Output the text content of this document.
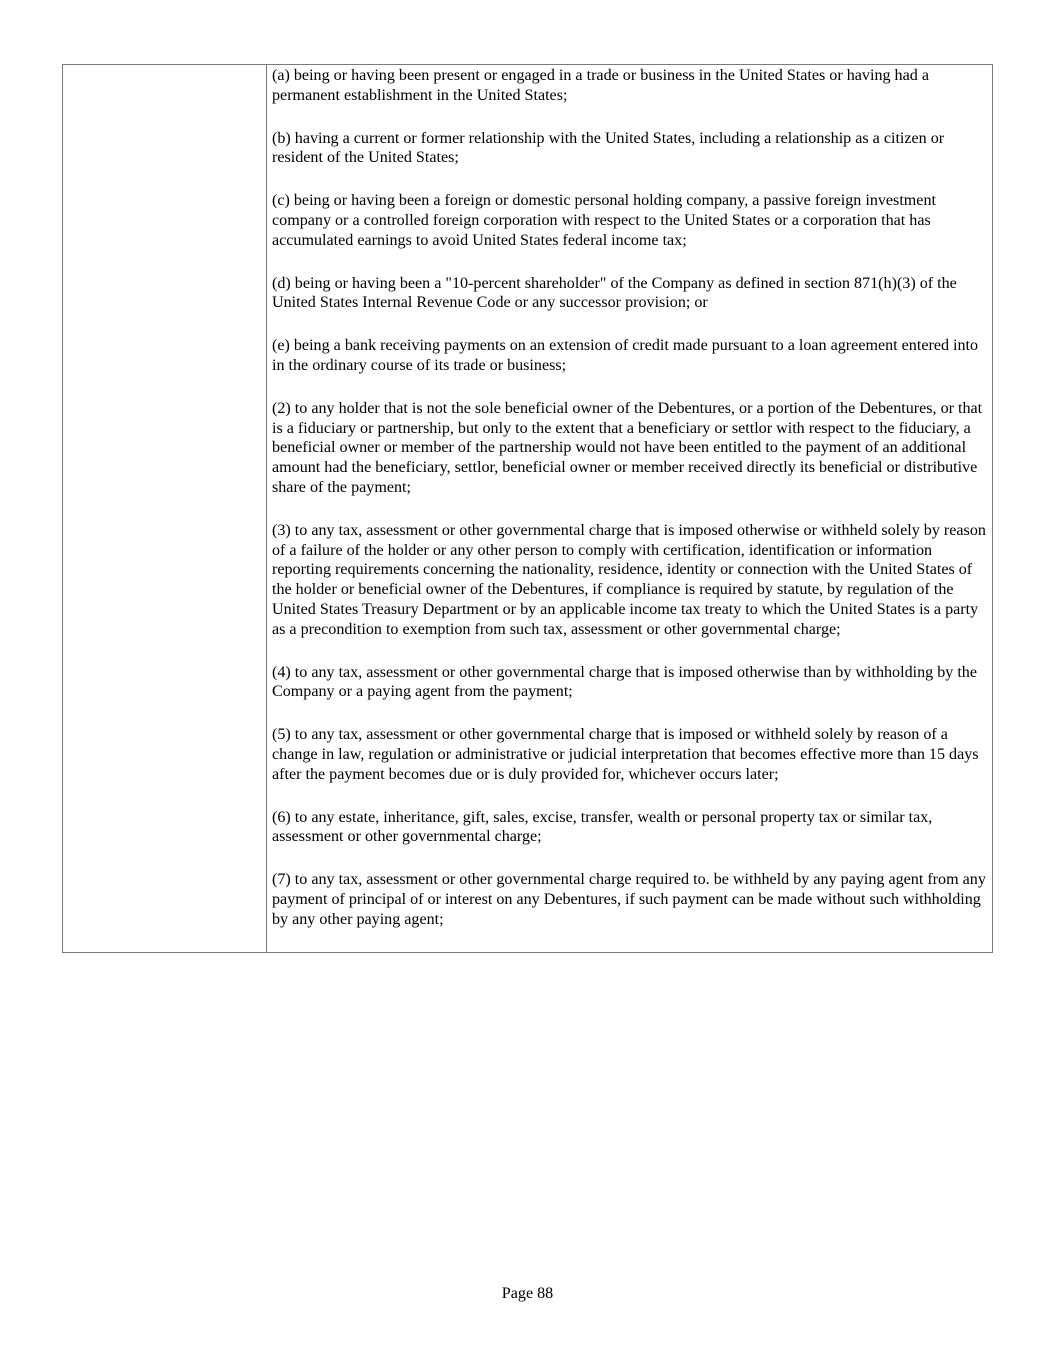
(a) being or having been present or engaged in a trade or business in the United States or having had a permanent establishment in the United States;

(b) having a current or former relationship with the United States, including a relationship as a citizen or resident of the United States;

(c) being or having been a foreign or domestic personal holding company, a passive foreign investment company or a controlled foreign corporation with respect to the United States or a corporation that has accumulated earnings to avoid United States federal income tax;

(d) being or having been a "10-percent shareholder" of the Company as defined in section 871(h)(3) of the United States Internal Revenue Code or any successor provision; or

(e) being a bank receiving payments on an extension of credit made pursuant to a loan agreement entered into in the ordinary course of its trade or business;

(2) to any holder that is not the sole beneficial owner of the Debentures, or a portion of the Debentures, or that is a fiduciary or partnership, but only to the extent that a beneficiary or settlor with respect to the fiduciary, a beneficial owner or member of the partnership would not have been entitled to the payment of an additional amount had the beneficiary, settlor, beneficial owner or member received directly its beneficial or distributive share of the payment;

(3) to any tax, assessment or other governmental charge that is imposed otherwise or withheld solely by reason of a failure of the holder or any other person to comply with certification, identification or information reporting requirements concerning the nationality, residence, identity or connection with the United States of the holder or beneficial owner of the Debentures, if compliance is required by statute, by regulation of the United States Treasury Department or by an applicable income tax treaty to which the United States is a party as a precondition to exemption from such tax, assessment or other governmental charge;

(4) to any tax, assessment or other governmental charge that is imposed otherwise than by withholding by the Company or a paying agent from the payment;

(5) to any tax, assessment or other governmental charge that is imposed or withheld solely by reason of a change in law, regulation or administrative or judicial interpretation that becomes effective more than 15 days after the payment becomes due or is duly provided for, whichever occurs later;

(6) to any estate, inheritance, gift, sales, excise, transfer, wealth or personal property tax or similar tax, assessment or other governmental charge;

(7) to any tax, assessment or other governmental charge required to. be withheld by any paying agent from any payment of principal of or interest on any Debentures, if such payment can be made without such withholding by any other paying agent;

Page 88
